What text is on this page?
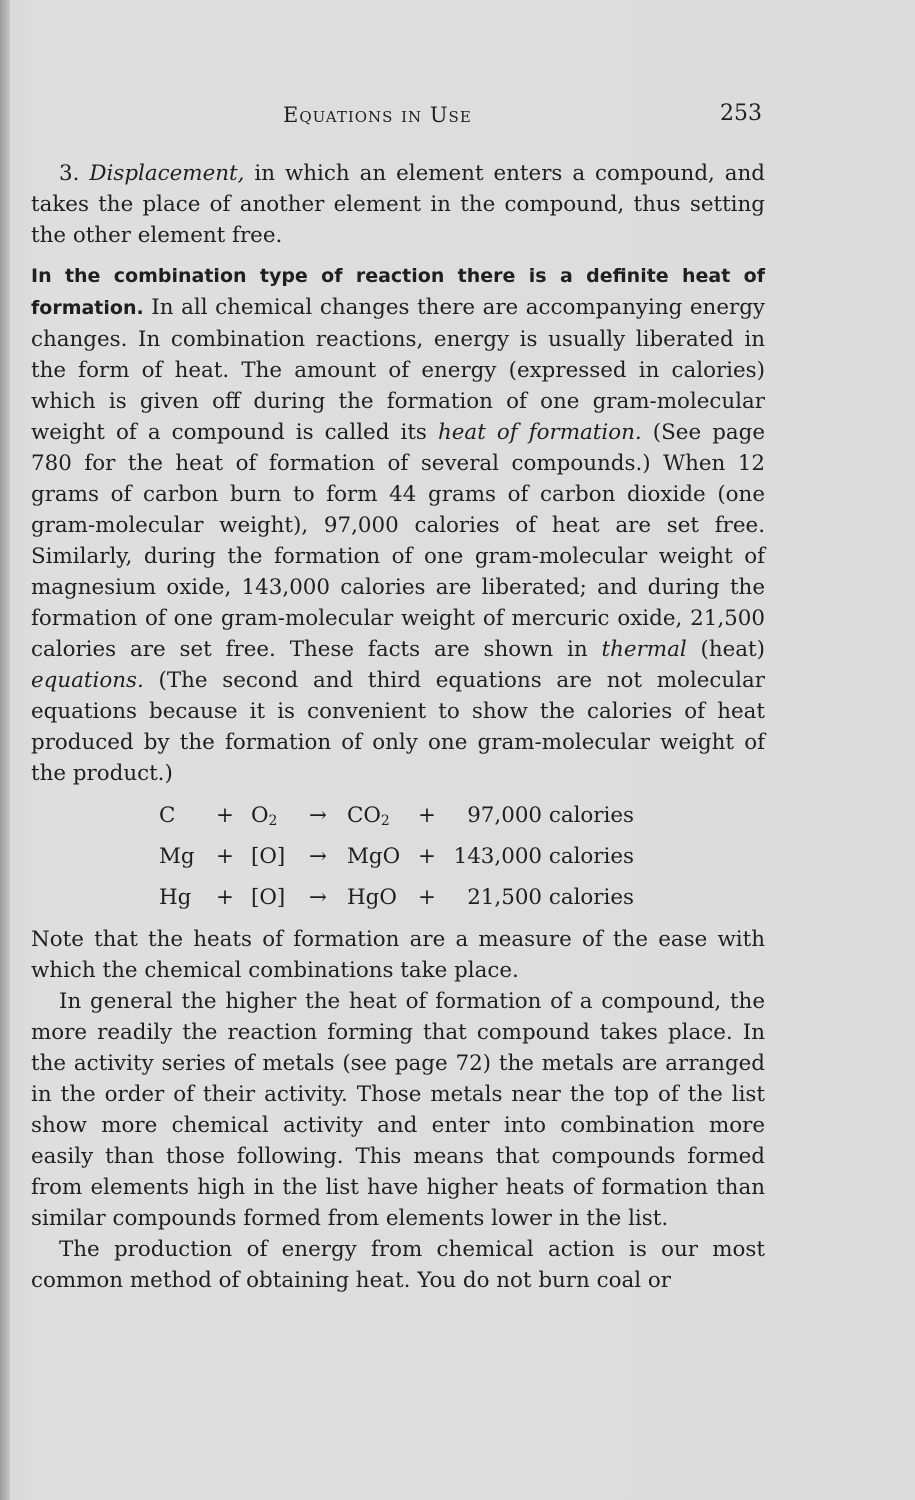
Equations in Use	253

3. Displacement, in which an element enters a compound, and takes the place of another element in the compound, thus setting the other element free.

In the combination type of reaction there is a definite heat of formation. In all chemical changes there are accompanying energy changes. In combination reactions, energy is usually liberated in the form of heat. The amount of energy (expressed in calories) which is given off during the formation of one gram-molecular weight of a compound is called its heat of formation. (See page 780 for the heat of formation of several compounds.) When 12 grams of carbon burn to form 44 grams of carbon dioxide (one gram-molecular weight), 97,000 calories of heat are set free. Similarly, during the formation of one gram-molecular weight of magnesium oxide, 143,000 calories are liberated; and during the formation of one gram-molecular weight of mercuric oxide, 21,500 calories are set free. These facts are shown in thermal (heat) equations. (The second and third equations are not molecular equations because it is convenient to show the calories of heat produced by the formation of only one gram-molecular weight of the product.)

$C + O_2 \to CO_2$ +	97,000 calories
Mg + [O] → MgO + 143,000 calories
Hg + [O] → HgO +	21,500 calories

Note that the heats of formation are a measure of the ease with which the chemical combinations take place.

In general the higher the heat of formation of a compound, the more readily the reaction forming that compound takes place. In the activity series of metals (see page 72) the metals are arranged in the order of their activity. Those metals near the top of the list show more chemical activity and enter into combination more easily than those following. This means that compounds formed from elements high in the list have higher heats of formation than similar compounds formed from elements lower in the list.

The production of energy from chemical action is our most common method of obtaining heat. You do not burn coal or
